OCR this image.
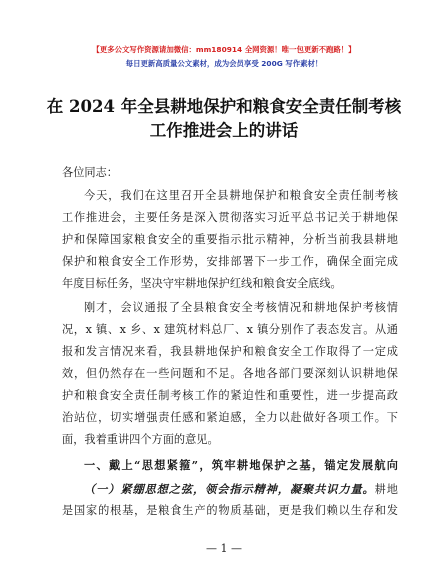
【更多公文写作资源请加微信：mm180914 全网资源！唯一包更新不跑路！】
每日更新高质量公文素材，成为会员享受 200G 写作素材！
在 2024 年全县耕地保护和粮食安全责任制考核
工作推进会上的讲话
各位同志：
今天，我们在这里召开全县耕地保护和粮食安全责任制考核
工作推进会，主要任务是深入贯彻落实习近平总书记关于耕地保
护和保障国家粮食安全的重要指示批示精神，分析当前我县耕地
保护和粮食安全工作形势，安排部署下一步工作，确保全面完成
年度目标任务，坚决守牢耕地保护红线和粮食安全底线。
刚才，会议通报了全县粮食安全考核情况和耕地保护考核情
况，x 镇、x 乡、x 建筑材料总厂、x 镇分别作了表态发言。从通
报和发言情况来看，我县耕地保护和粮食安全工作取得了一定成
效，但仍然存在一些问题和不足。各地各部门要深刻认识耕地保
护和粮食安全责任制考核工作的紧迫性和重要性，进一步提高政
治站位，切实增强责任感和紧迫感，全力以赴做好各项工作。下
面，我着重讲四个方面的意见。
一、戴上“思想紧箍”，筑牢耕地保护之基，锚定发展航向
（一）紧绷思想之弦，领会指示精神，凝聚共识力量。耕地
是国家的根基，是粮食生产的物质基础，更是我们赖以生存和发
— 1 —
